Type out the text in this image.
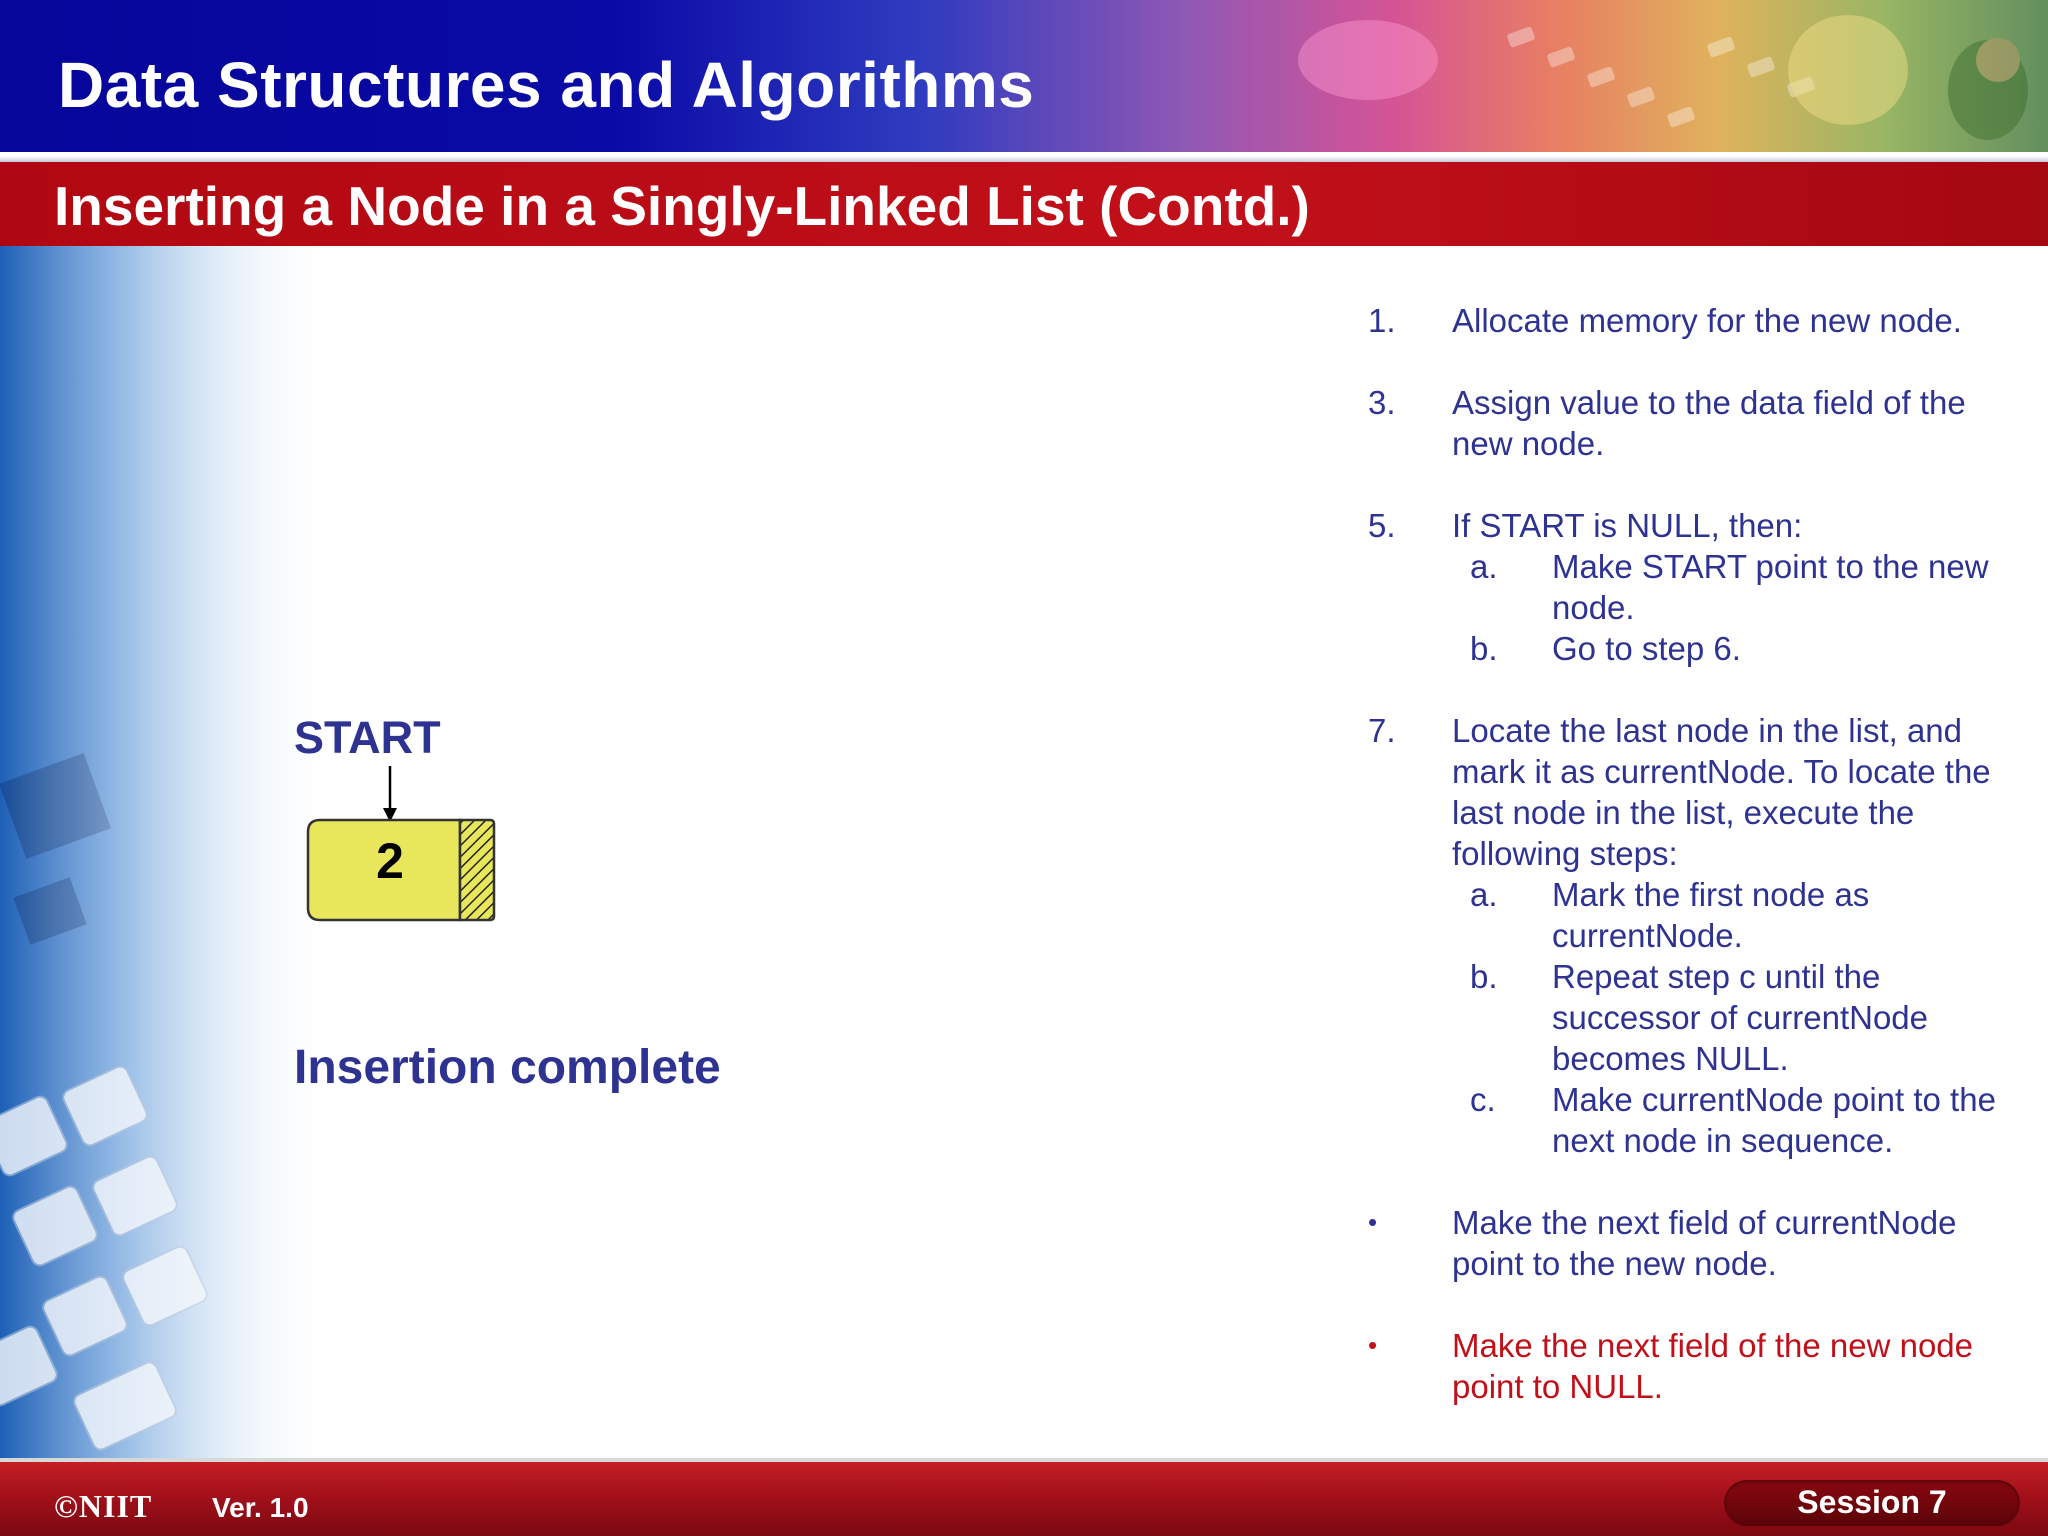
Data Structures and Algorithms
Inserting a Node in a Singly-Linked List (Contd.)
START
2
Insertion complete
1. Allocate memory for the new node.
3. Assign value to the data field of the new node.
5. If START is NULL, then:
a. Make START point to the new node.
b. Go to step 6.
7. Locate the last node in the list, and mark it as currentNode. To locate the last node in the list, execute the following steps:
a. Mark the first node as currentNode.
b. Repeat step c until the successor of currentNode becomes NULL.
c. Make currentNode point to the next node in sequence.
• Make the next field of currentNode point to the new node.
• Make the next field of the new node point to NULL.
©NIIT Ver. 1.0	Session 7
